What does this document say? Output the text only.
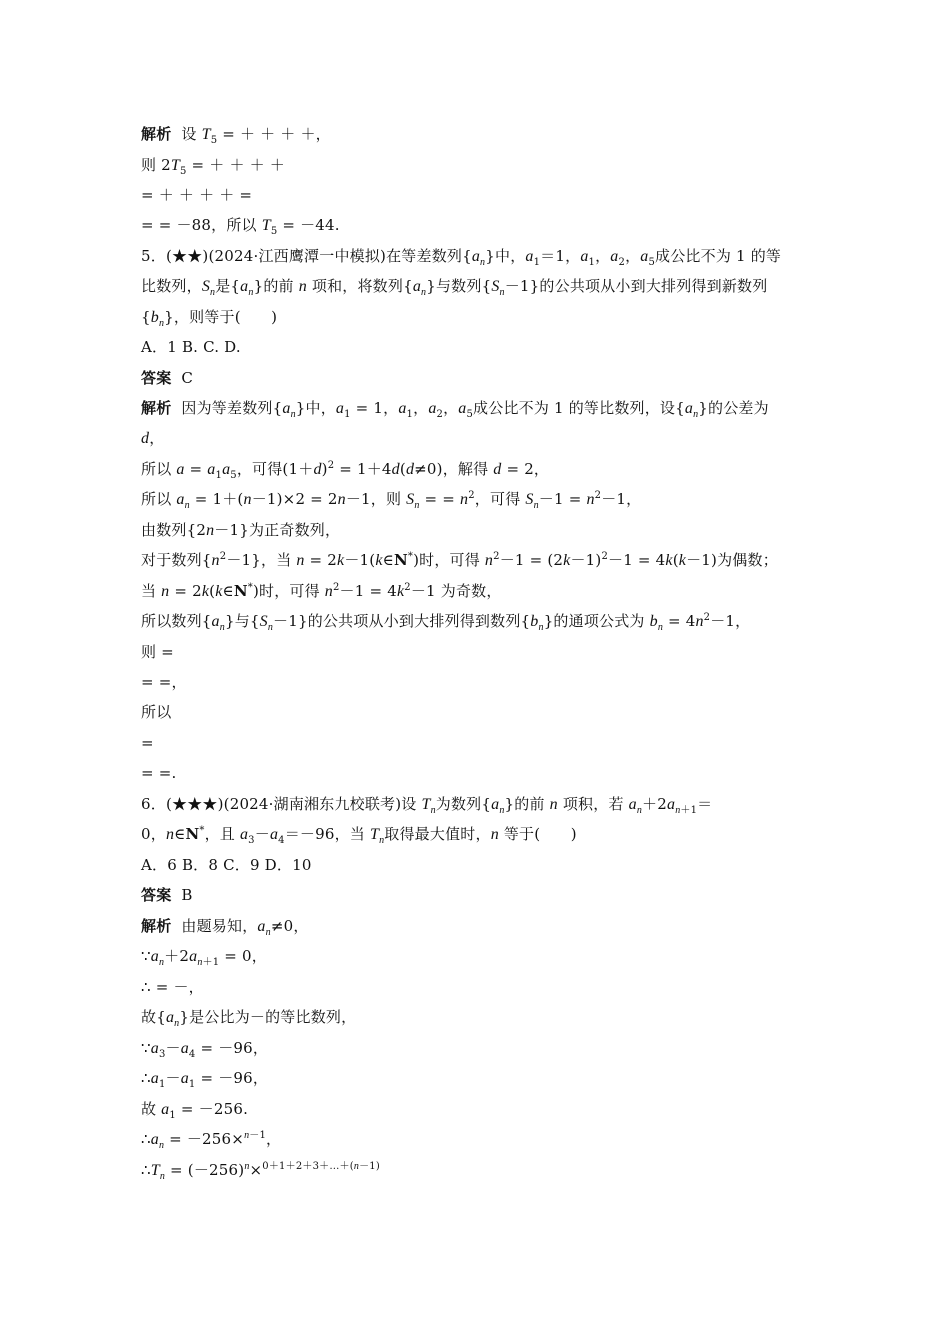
解析 设 $T_5$ = ＋ ＋ ＋ ＋，
则 $2T_5$ = ＋ ＋ ＋ ＋
= ＋ ＋ ＋ ＋ =
= = －88，所以 $T_5 = -44$.
5．(★★)(2024·江西鹰潭一中模拟)在等差数列$\{a_n\}$中，$a_1=1$，$a_1$，$a_2$，$a_5$成公比不为 1 的等
比数列，$S_n$是$\{a_n\}$的前 n 项和，将数列$\{a_n\}$与数列$\{S_n-1\}$的公共项从小到大排列得到新数列
$\{b_n\}$，则等于(　　)
A．1 B. C. D.
答案 C
解析 因为等差数列$\{a_n\}$中，$a_1 = 1$，$a_1$，$a_2$，$a_5$成公比不为 1 的等比数列，设$\{a_n\}$的公差为
d，
所以 $a = a_1a_5$，可得$(1+d)^2 = 1+4d(d\ne 0)$，解得 d = 2，
所以 $a_n = 1+(n-1)\times 2 = 2n-1$，则 $S_n$ = = $n^2$，可得 $S_n-1 = n^2-1$，
由数列{2n－1}为正奇数列，
对于数列$\{n^2-1\}$，当 n = 2k－1(k∈N*)时，可得 $n^2-1 = (2k-1)^2-1 = 4k(k-1)$为偶数；
当 n = 2k(k∈N*)时，可得 $n^2-1 = 4k^2-1$ 为奇数，
所以数列$\{a_n\}$与$\{S_n-1\}$的公共项从小到大排列得到数列$\{b_n\}$的通项公式为 $b_n = 4n^2-1$，
则 =
= =，
所以
=
= =.
6．(★★★)(2024·湖南湘东九校联考)设 $T_n$为数列$\{a_n\}$的前 n 项积，若 $a_n+2a_{n+1}=$
0，n∈N*，且 $a_3-a_4=-96$，当 $T_n$取得最大值时，n 等于(　　)
A．6 B．8 C．9 D．10
答案 B
解析 由题易知，$a_n\ne 0$，
$\because a_n+2a_{n+1} = 0$，
∴ = －，
故$\{a_n\}$是公比为－的等比数列，
$\because a_3-a_4 = -96$，
$\therefore a_1-a_1 = -96$，
故 $a_1 = -256$.
$\therefore a_n = -256\times^{n-1}$，
$\therefore T_n = (-256)^n\times^{0+1+2+3+\dots+(n-1)}$
